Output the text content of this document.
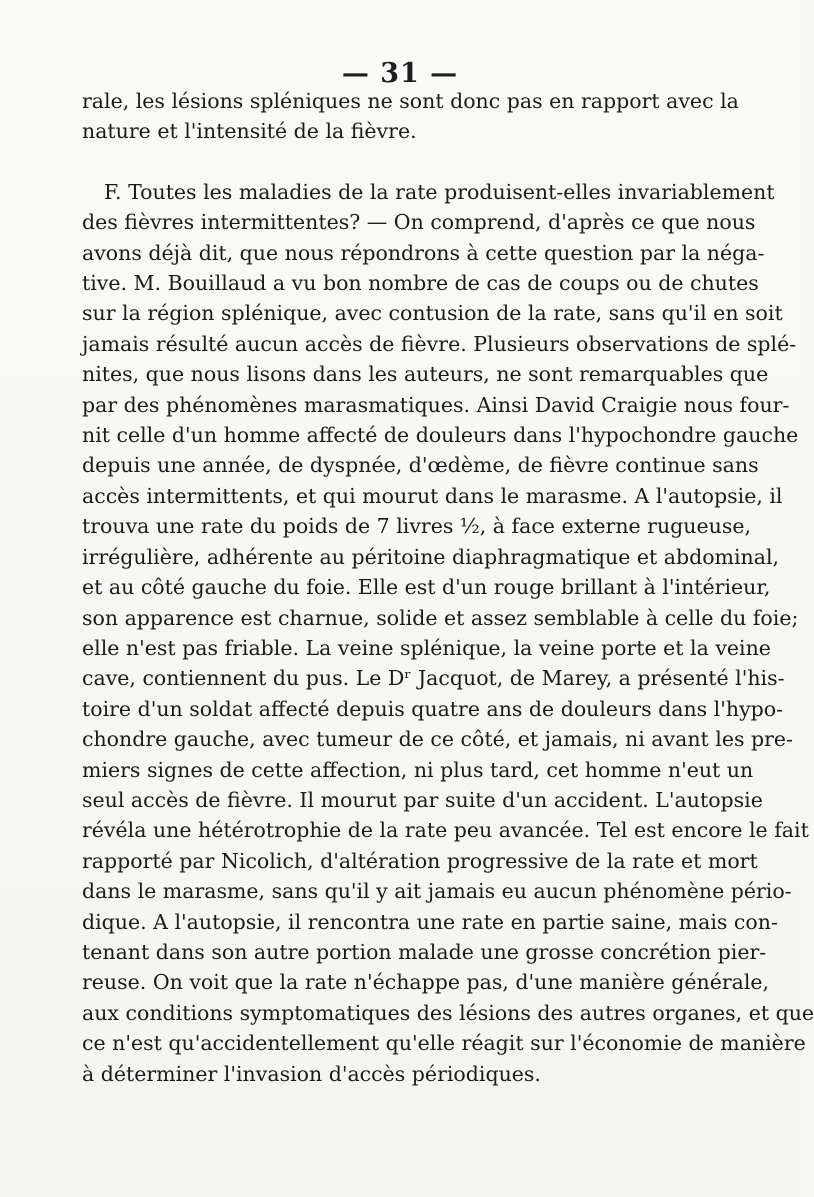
— 31 —
rale, les lésions spléniques ne sont donc pas en rapport avec la
nature et l'intensité de la fièvre.
F. Toutes les maladies de la rate produisent-elles invariablement
des fièvres intermittentes? — On comprend, d'après ce que nous
avons déjà dit, que nous répondrons à cette question par la néga-
tive. M. Bouillaud a vu bon nombre de cas de coups ou de chutes
sur la région splénique, avec contusion de la rate, sans qu'il en soit
jamais résulté aucun accès de fièvre. Plusieurs observations de splé-
nites, que nous lisons dans les auteurs, ne sont remarquables que
par des phénomènes marasmatiques. Ainsi David Craigie nous four-
nit celle d'un homme affecté de douleurs dans l'hypochondre gauche
depuis une année, de dyspnée, d'œdème, de fièvre continue sans
accès intermittents, et qui mourut dans le marasme. A l'autopsie, il
trouva une rate du poids de 7 livres ½, à face externe rugueuse,
irrégulière, adhérente au péritoine diaphragmatique et abdominal,
et au côté gauche du foie. Elle est d'un rouge brillant à l'intérieur,
son apparence est charnue, solide et assez semblable à celle du foie;
elle n'est pas friable. La veine splénique, la veine porte et la veine
cave, contiennent du pus. Le Dʳ Jacquot, de Marey, a présenté l'his-
toire d'un soldat affecté depuis quatre ans de douleurs dans l'hypo-
chondre gauche, avec tumeur de ce côté, et jamais, ni avant les pre-
miers signes de cette affection, ni plus tard, cet homme n'eut un
seul accès de fièvre. Il mourut par suite d'un accident. L'autopsie
révéla une hétérotrophie de la rate peu avancée. Tel est encore le fait
rapporté par Nicolich, d'altération progressive de la rate et mort
dans le marasme, sans qu'il y ait jamais eu aucun phénomène pério-
dique. A l'autopsie, il rencontra une rate en partie saine, mais con-
tenant dans son autre portion malade une grosse concrétion pier-
reuse. On voit que la rate n'échappe pas, d'une manière générale,
aux conditions symptomatiques des lésions des autres organes, et que
ce n'est qu'accidentellement qu'elle réagit sur l'économie de manière
à déterminer l'invasion d'accès périodiques.
